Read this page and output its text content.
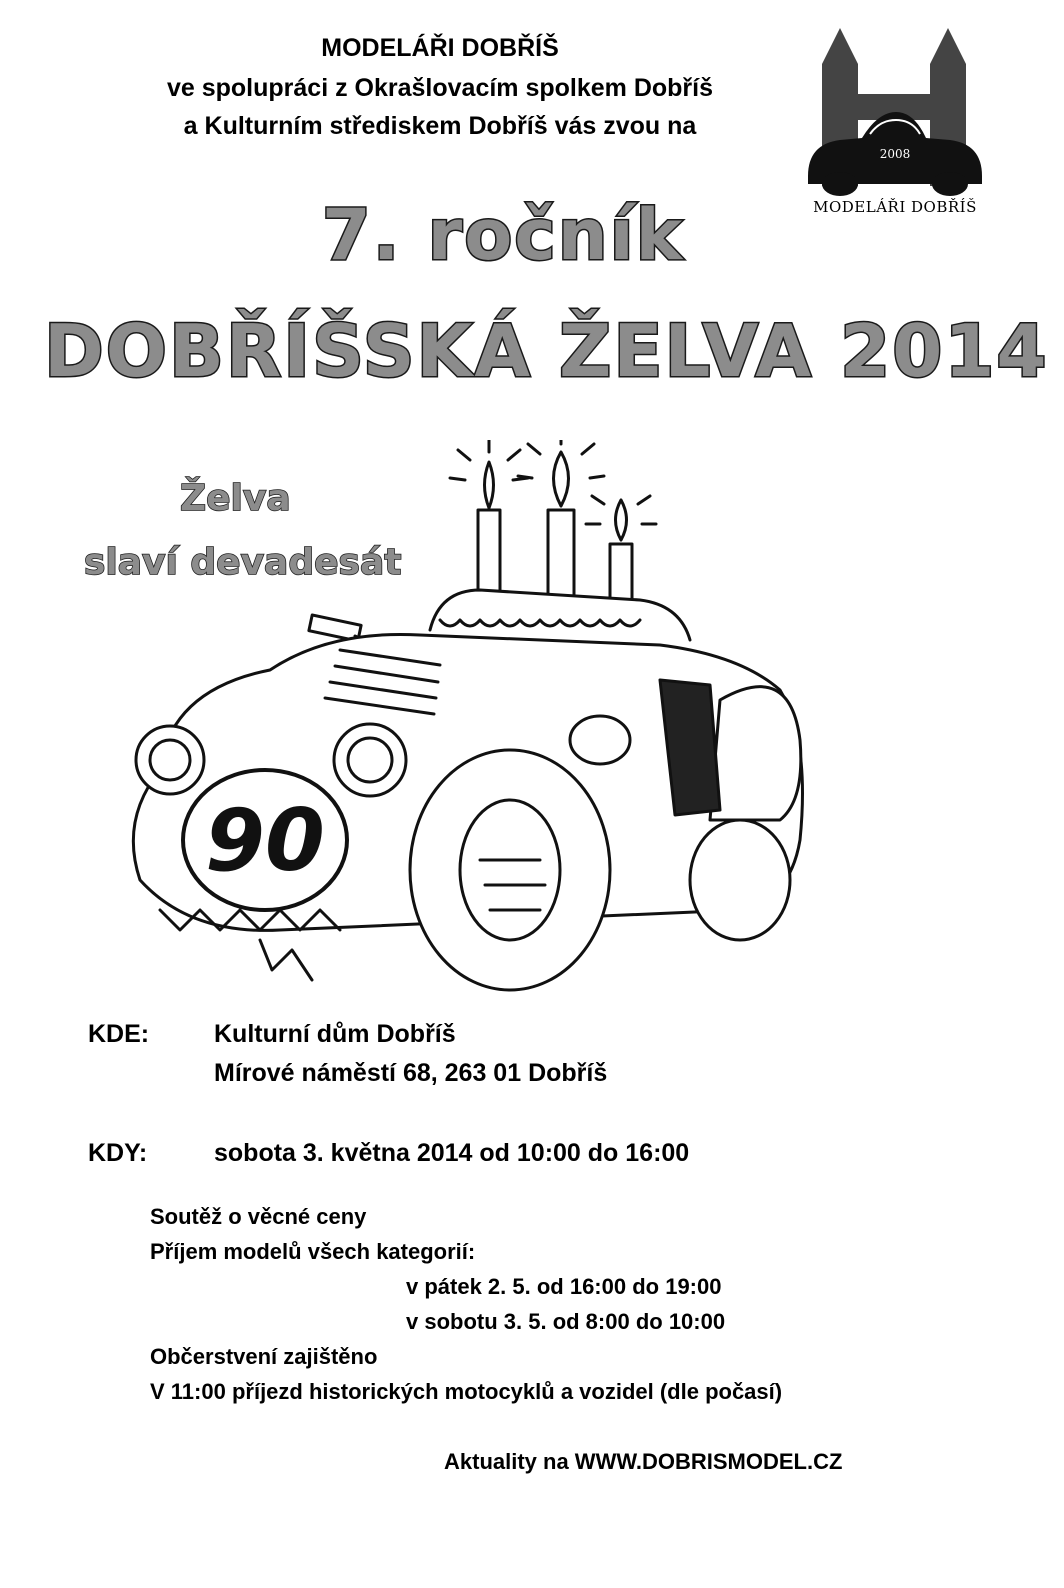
MODELÁŘI DOBŘÍŠ
ve spolupráci z Okrašlovacím spolkem Dobříš
a Kulturním střediskem Dobříš vás zvou na
2008
MODELÁŘI DOBŘÍŠ
7. ročník
DOBŘÍŠSKÁ ŽELVA 2014
Želva
slaví devadesát
90
KDE:	Kulturní dům Dobříš
Mírové náměstí 68, 263 01 Dobříš
KDY:	sobota 3. května 2014 od 10:00 do 16:00
Soutěž o věcné ceny
Příjem modelů všech kategorií:
v pátek 2. 5. od 16:00 do 19:00
v sobotu 3. 5. od 8:00 do 10:00
Občerstvení zajištěno
V 11:00 příjezd historických motocyklů a vozidel (dle počasí)
Aktuality na WWW.DOBRISMODEL.CZ
